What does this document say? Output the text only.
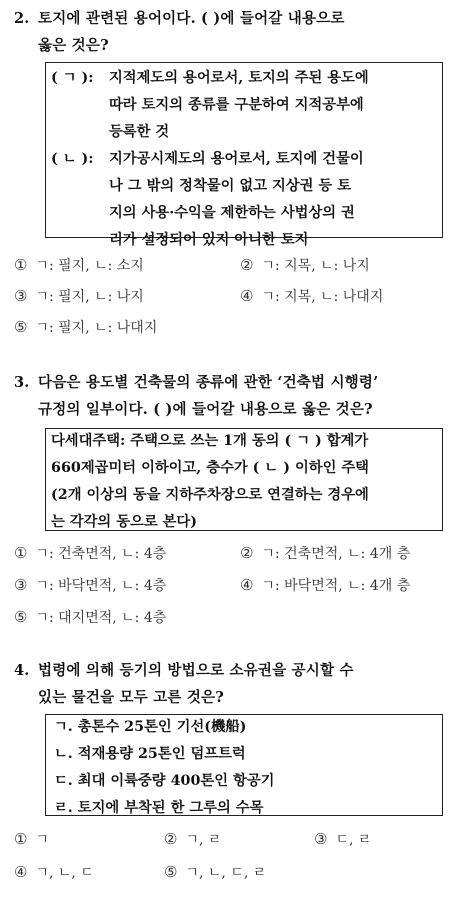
2. 토지에 관련된 용어이다. ( )에 들어갈 내용으로
옳은 것은?
( ㄱ ): 지적제도의 용어로서, 토지의 주된 용도에
따라 토지의 종류를 구분하여 지적공부에
등록한 것
( ㄴ ): 지가공시제도의 용어로서, 토지에 건물이
나 그 밖의 정착물이 없고 지상권 등 토
지의 사용·수익을 제한하는 사법상의 권
리가 설정되어 있지 아니한 토지
① ㄱ: 필지, ㄴ: 소지	② ㄱ: 지목, ㄴ: 나지
③ ㄱ: 필지, ㄴ: 나지	④ ㄱ: 지목, ㄴ: 나대지
⑤ ㄱ: 필지, ㄴ: 나대지
3. 다음은 용도별 건축물의 종류에 관한 ‘건축법 시행령’
규정의 일부이다. ( )에 들어갈 내용으로 옳은 것은?
다세대주택: 주택으로 쓰는 1개 동의 ( ㄱ ) 합계가
660제곱미터 이하이고, 층수가 ( ㄴ ) 이하인 주택
(2개 이상의 동을 지하주차장으로 연결하는 경우에
는 각각의 동으로 본다)
① ㄱ: 건축면적, ㄴ: 4층	② ㄱ: 건축면적, ㄴ: 4개 층
③ ㄱ: 바닥면적, ㄴ: 4층	④ ㄱ: 바닥면적, ㄴ: 4개 층
⑤ ㄱ: 대지면적, ㄴ: 4층
4. 법령에 의해 등기의 방법으로 소유권을 공시할 수
있는 물건을 모두 고른 것은?
ㄱ. 총톤수 25톤인 기선(機船)
ㄴ. 적재용량 25톤인 덤프트럭
ㄷ. 최대 이륙중량 400톤인 항공기
ㄹ. 토지에 부착된 한 그루의 수목
① ㄱ	② ㄱ, ㄹ	③ ㄷ, ㄹ
④ ㄱ, ㄴ, ㄷ	⑤ ㄱ, ㄴ, ㄷ, ㄹ
